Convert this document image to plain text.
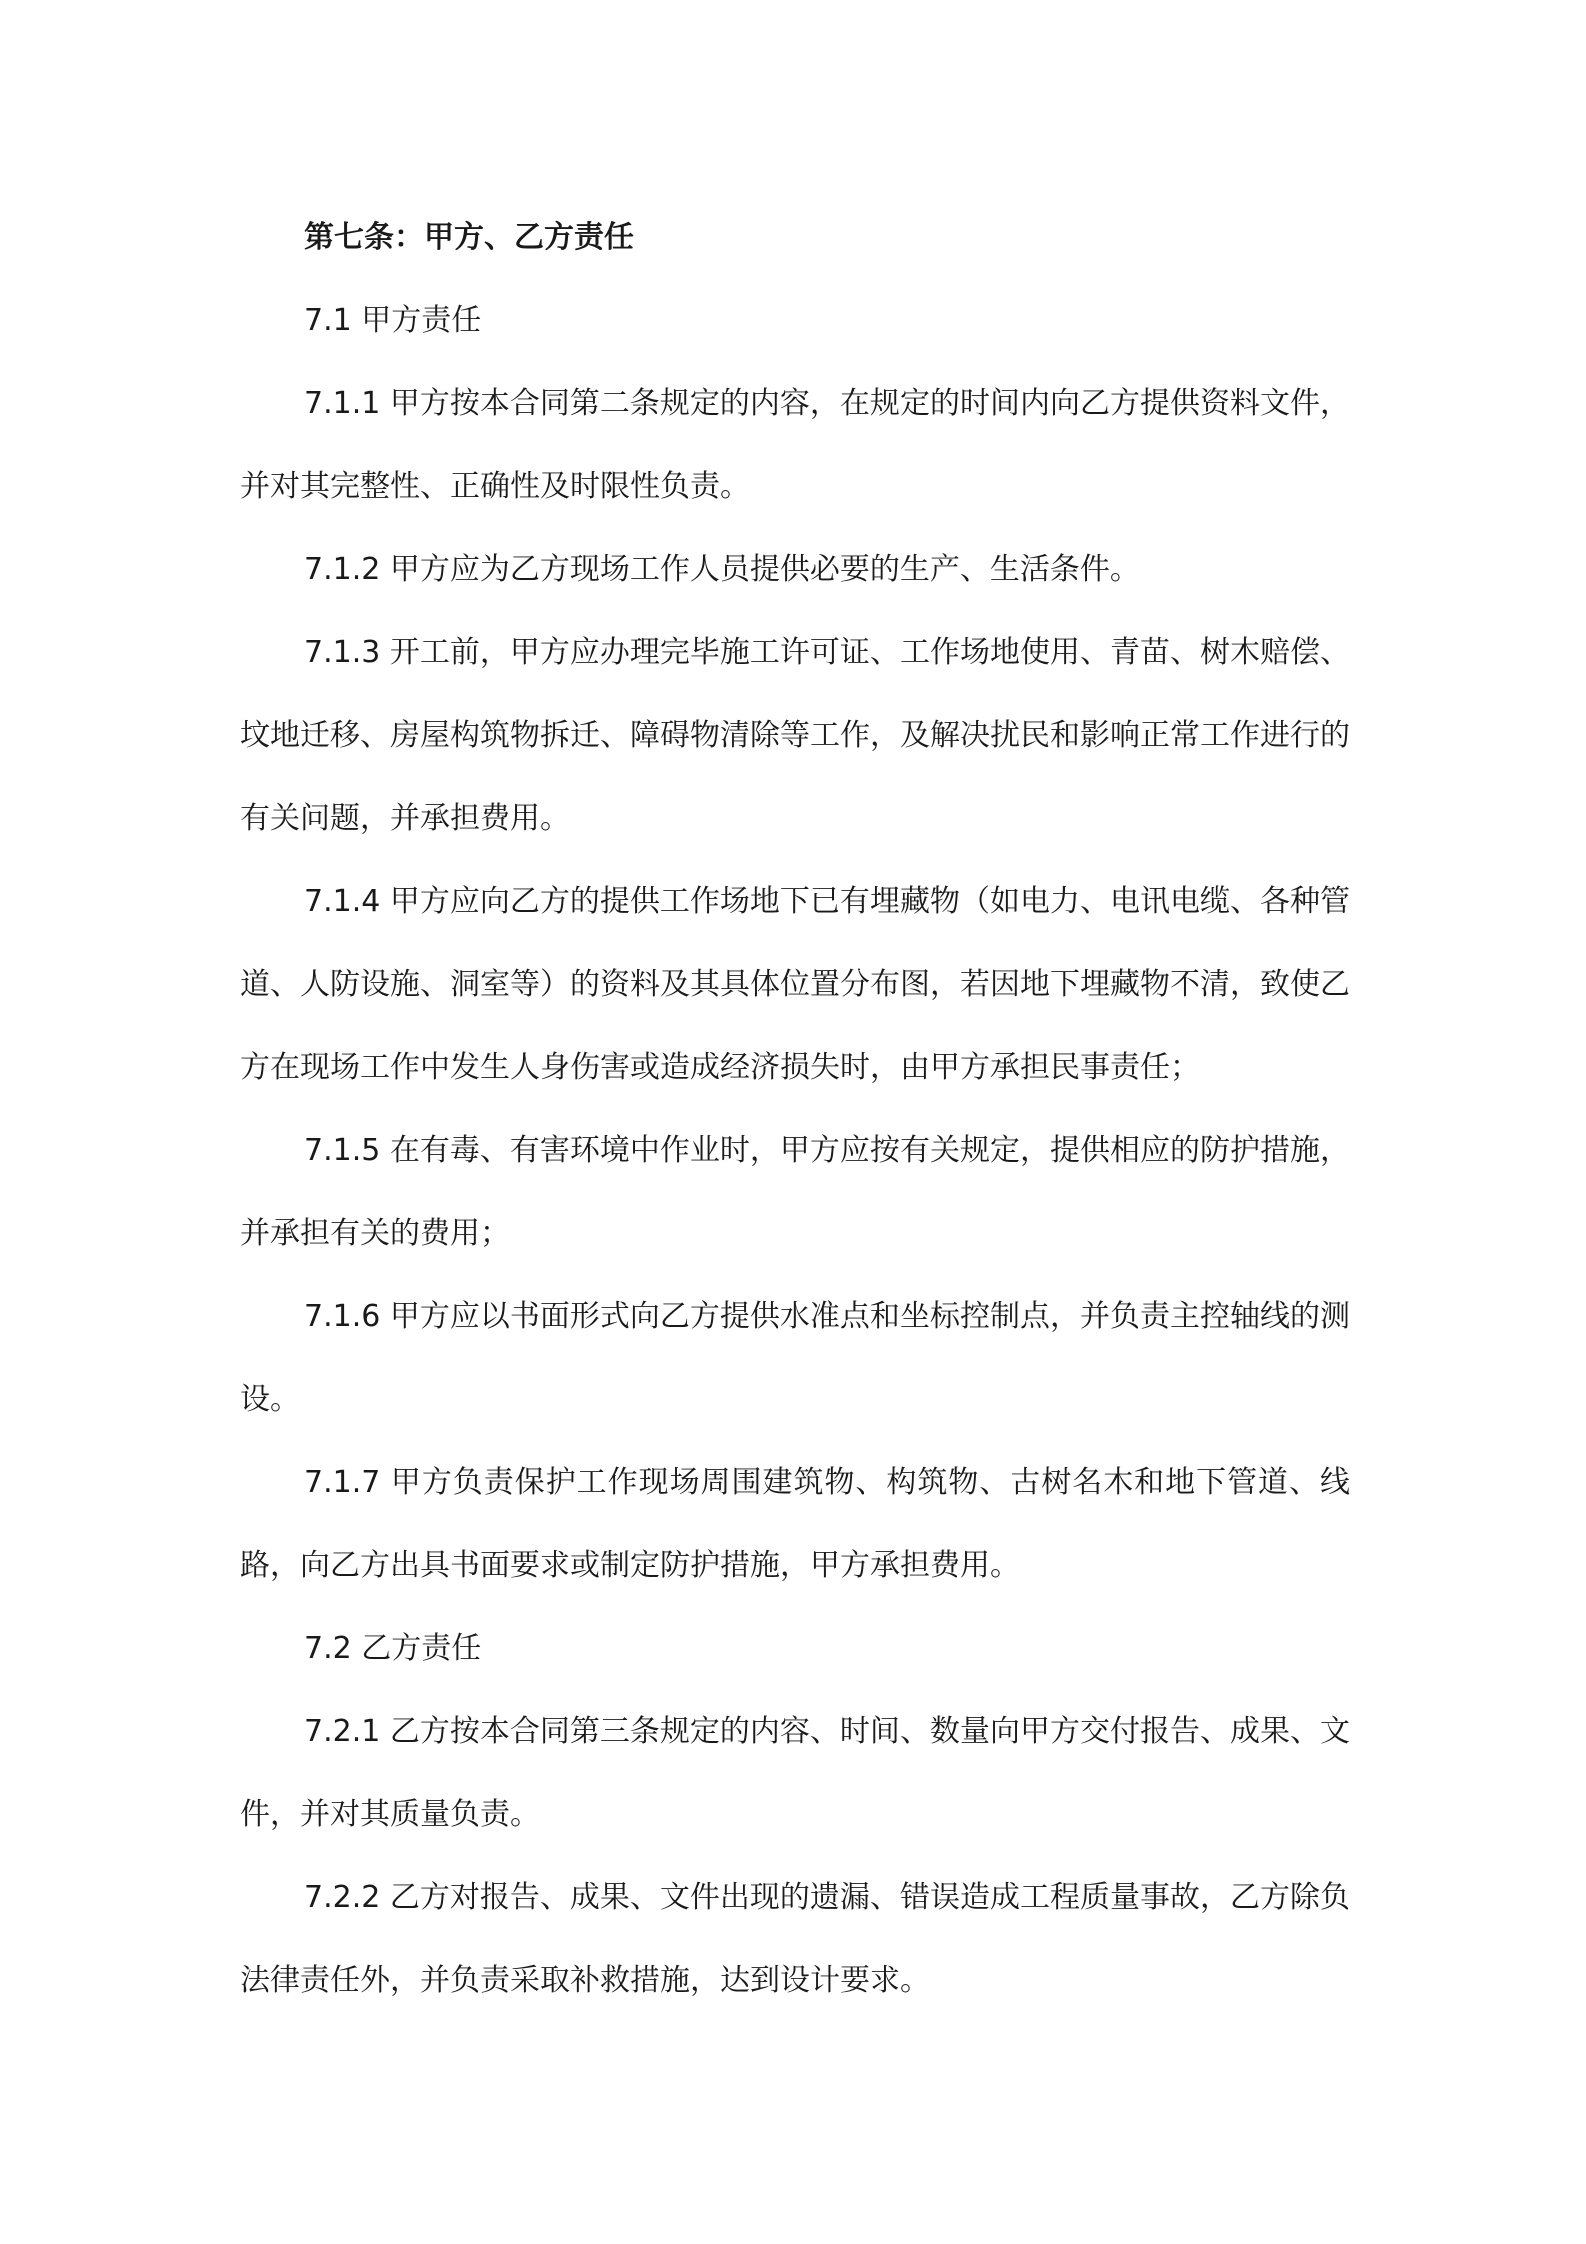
第七条：甲方、乙方责任

7.1 甲方责任

7.1.1 甲方按本合同第二条规定的内容，在规定的时间内向乙方提供资料文件，并对其完整性、正确性及时限性负责。

7.1.2 甲方应为乙方现场工作人员提供必要的生产、生活条件。

7.1.3 开工前，甲方应办理完毕施工许可证、工作场地使用、青苗、树木赔偿、坟地迁移、房屋构筑物拆迁、障碍物清除等工作，及解决扰民和影响正常工作进行的有关问题，并承担费用。

7.1.4 甲方应向乙方的提供工作场地下已有埋藏物（如电力、电讯电缆、各种管道、人防设施、洞室等）的资料及其具体位置分布图，若因地下埋藏物不清，致使乙方在现场工作中发生人身伤害或造成经济损失时，由甲方承担民事责任；

7.1.5 在有毒、有害环境中作业时，甲方应按有关规定，提供相应的防护措施，并承担有关的费用；

7.1.6 甲方应以书面形式向乙方提供水准点和坐标控制点，并负责主控轴线的测设。

7.1.7 甲方负责保护工作现场周围建筑物、构筑物、古树名木和地下管道、线路，向乙方出具书面要求或制定防护措施，甲方承担费用。

7.2 乙方责任

7.2.1 乙方按本合同第三条规定的内容、时间、数量向甲方交付报告、成果、文件，并对其质量负责。

7.2.2 乙方对报告、成果、文件出现的遗漏、错误造成工程质量事故，乙方除负法律责任外，并负责采取补救措施，达到设计要求。
